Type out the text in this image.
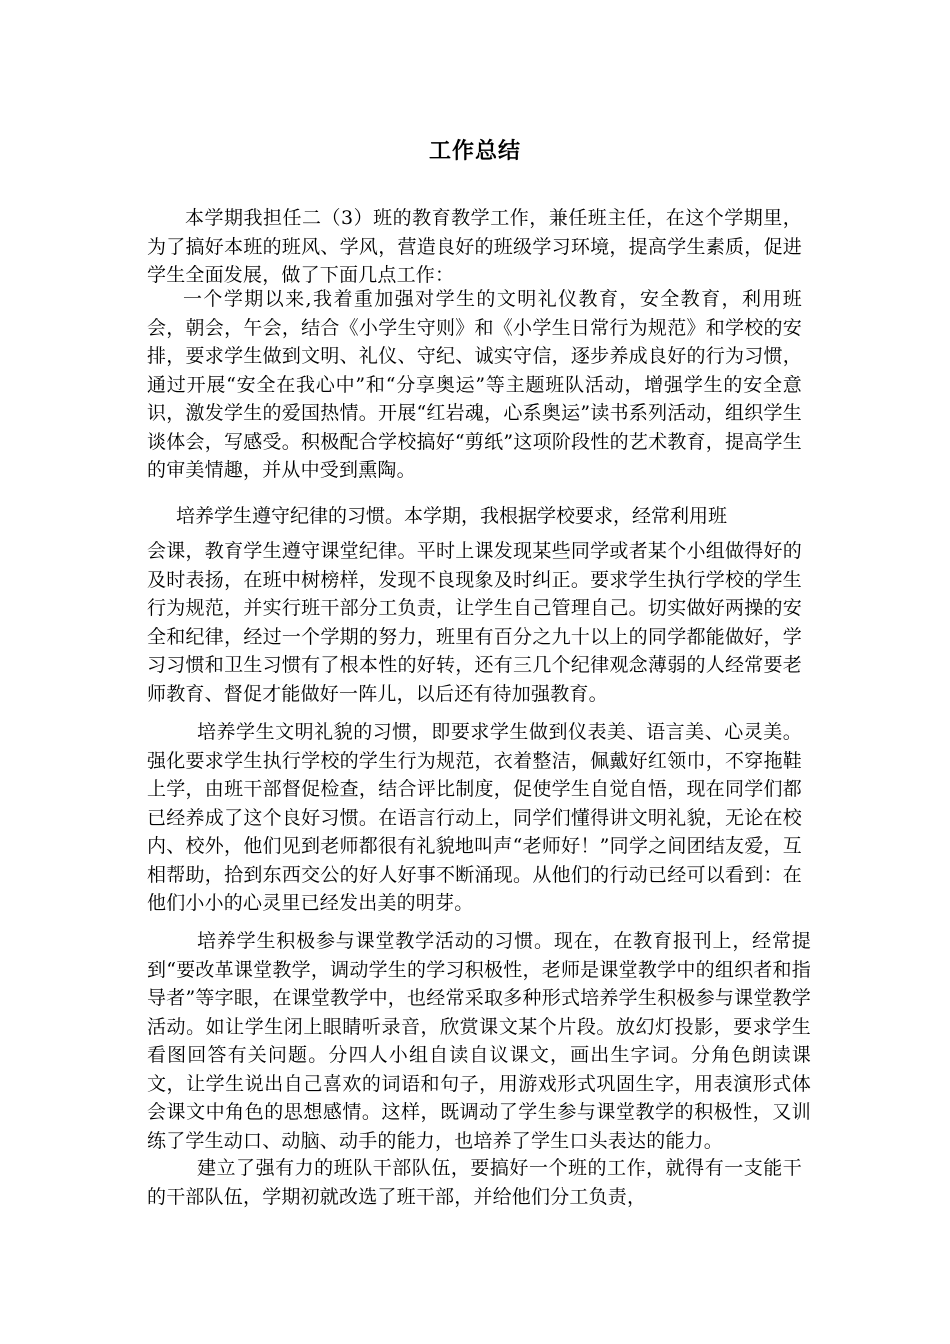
工作总结

本学期我担任二（3）班的教育教学工作，兼任班主任，在这个学期里，为了搞好本班的班风、学风，营造良好的班级学习环境，提高学生素质，促进学生全面发展，做了下面几点工作：

一个学期以来,我着重加强对学生的文明礼仪教育，安全教育，利用班会，朝会，午会，结合《小学生守则》和《小学生日常行为规范》和学校的安排，要求学生做到文明、礼仪、守纪、诚实守信，逐步养成良好的行为习惯，通过开展“安全在我心中”和“分享奥运”等主题班队活动，增强学生的安全意识，激发学生的爱国热情。开展“红岩魂，心系奥运”读书系列活动，组织学生谈体会，写感受。积极配合学校搞好“剪纸”这项阶段性的艺术教育，提高学生的审美情趣，并从中受到熏陶。

培养学生遵守纪律的习惯。本学期，我根据学校要求，经常利用班

会课，教育学生遵守课堂纪律。平时上课发现某些同学或者某个小组做得好的及时表扬，在班中树榜样，发现不良现象及时纠正。要求学生执行学校的学生行为规范，并实行班干部分工负责，让学生自己管理自己。切实做好两操的安全和纪律，经过一个学期的努力，班里有百分之九十以上的同学都能做好，学习习惯和卫生习惯有了根本性的好转，还有三几个纪律观念薄弱的人经常要老师教育、督促才能做好一阵儿，以后还有待加强教育。

培养学生文明礼貌的习惯，即要求学生做到仪表美、语言美、心灵美。强化要求学生执行学校的学生行为规范，衣着整洁，佩戴好红领巾，不穿拖鞋上学，由班干部督促检查，结合评比制度，促使学生自觉自悟，现在同学们都已经养成了这个良好习惯。在语言行动上，同学们懂得讲文明礼貌，无论在校内、校外，他们见到老师都很有礼貌地叫声“老师好！”同学之间团结友爱，互相帮助，拾到东西交公的好人好事不断涌现。从他们的行动已经可以看到：在他们小小的心灵里已经发出美的明芽。

培养学生积极参与课堂教学活动的习惯。现在，在教育报刊上，经常提到“要改革课堂教学，调动学生的学习积极性，老师是课堂教学中的组织者和指导者”等字眼，在课堂教学中，也经常采取多种形式培养学生积极参与课堂教学活动。如让学生闭上眼睛听录音，欣赏课文某个片段。放幻灯投影，要求学生看图回答有关问题。分四人小组自读自议课文，画出生字词。分角色朗读课文，让学生说出自己喜欢的词语和句子，用游戏形式巩固生字，用表演形式体会课文中角色的思想感情。这样，既调动了学生参与课堂教学的积极性，又训练了学生动口、动脑、动手的能力，也培养了学生口头表达的能力。

建立了强有力的班队干部队伍，要搞好一个班的工作，就得有一支能干的干部队伍，学期初就改选了班干部，并给他们分工负责，
